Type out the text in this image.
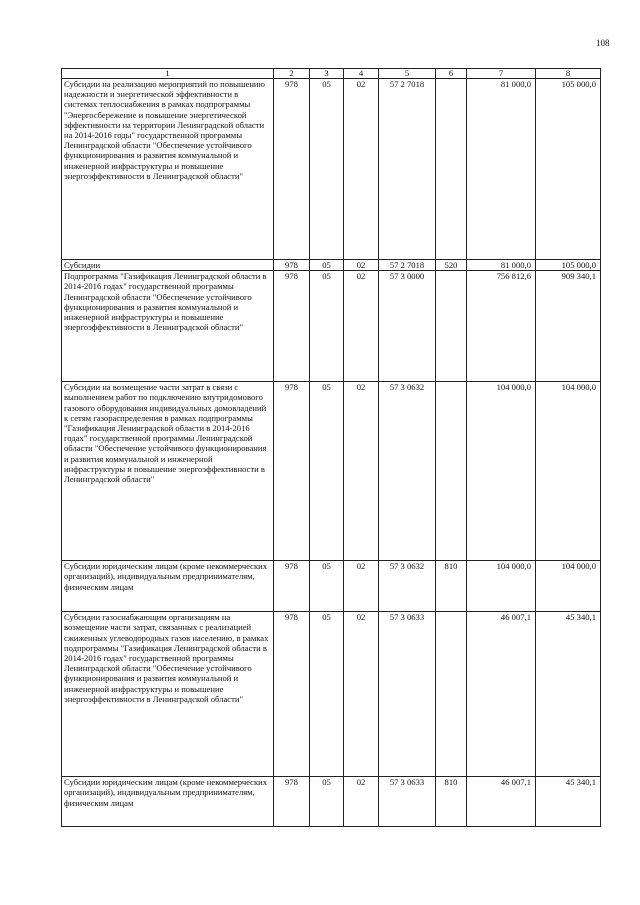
108
1	2	3	4	5	6	7	8
Субсидии на реализацию мероприятий по повышению надежности и энергетической эффективности в системах теплоснабжения в рамках подпрограммы "Энергосбережение и повышение энергетической эффективности на территории Ленинградской области на 2014-2016 годы" государственной программы Ленинградской области "Обеспечение устойчивого функционирования и развития коммунальной и инженерной инфраструктуры и повышение энергоэффективности в Ленинградской области"	978	05	02	57 2 7018		81 000,0	105 000,0
Субсидии	978	05	02	57 2 7018	520	81 000,0	105 000,0
Подпрограмма "Газификация Ленинградской области в 2014-2016 годах" государственной программы Ленинградской области "Обеспечение устойчивого функционирования и развития коммунальной и инженерной инфраструктуры и повышение энергоэффективности в Ленинградской области"	978	05	02	57 3 0000		756 812,6	909 340,1
Субсидии на возмещение части затрат в связи с выполнением работ по подключению внутридомового газового оборудования индивидуальных домовладений к сетям газораспределения в рамках подпрограммы "Газификация Ленинградской области в 2014-2016 годах" государственной программы Ленинградской области "Обеспечение устойчивого функционирования и развития коммунальной и инженерной инфраструктуры и повышение энергоэффективности в Ленинградской области"	978	05	02	57 3 0632		104 000,0	104 000,0
Субсидии юридическим лицам (кроме некоммерческих организаций), индивидуальным предпринимателям, физическим лицам	978	05	02	57 3 0632	810	104 000,0	104 000,0
Субсидии газоснабжающим организациям на возмещение части затрат, связанных с реализацией сжиженных углеводородных газов населению, в рамках подпрограммы "Газификация Ленинградской области в 2014-2016 годах" государственной программы Ленинградской области "Обеспечение устойчивого функционирования и развития коммунальной и инженерной инфраструктуры и повышение энергоэффективности в Ленинградской области"	978	05	02	57 3 0633		46 007,1	45 340,1
Субсидии юридическим лицам (кроме некоммерческих организаций), индивидуальным предпринимателям, физическим лицам	978	05	02	57 3 0633	810	46 007,1	45 340,1
